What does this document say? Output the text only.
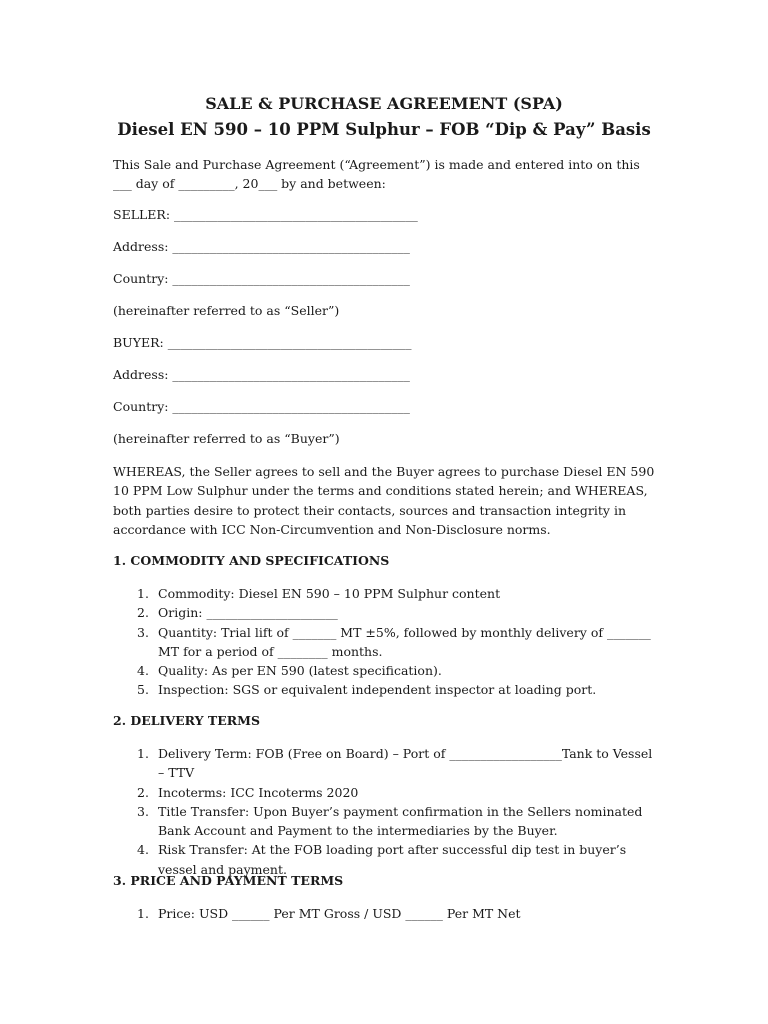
SALE & PURCHASE AGREEMENT (SPA)
Diesel EN 590 – 10 PPM Sulphur – FOB “Dip & Pay” Basis

This Sale and Purchase Agreement (“Agreement”) is made and entered into on this ___ day of _________, 20___ by and between:

SELLER: _______________________________________

Address: ______________________________________

Country: ______________________________________

(hereinafter referred to as “Seller”)

BUYER: _______________________________________

Address: ______________________________________

Country: ______________________________________

(hereinafter referred to as “Buyer”)

WHEREAS, the Seller agrees to sell and the Buyer agrees to purchase Diesel EN 590 10 PPM Low Sulphur under the terms and conditions stated herein; and WHEREAS, both parties desire to protect their contacts, sources and transaction integrity in accordance with ICC Non-Circumvention and Non-Disclosure norms.

1. COMMODITY AND SPECIFICATIONS

1. Commodity: Diesel EN 590 – 10 PPM Sulphur content
2. Origin: _____________________
3. Quantity: Trial lift of _______ MT ±5%, followed by monthly delivery of _______ MT for a period of ________ months.
4. Quality: As per EN 590 (latest specification).
5. Inspection: SGS or equivalent independent inspector at loading port.

2. DELIVERY TERMS

1. Delivery Term: FOB (Free on Board) – Port of __________________Tank to Vessel – TTV
2. Incoterms: ICC Incoterms 2020
3. Title Transfer: Upon Buyer’s payment confirmation in the Sellers nominated Bank Account and Payment to the intermediaries by the Buyer.
4. Risk Transfer: At the FOB loading port after successful dip test in buyer’s vessel and payment.

3. PRICE AND PAYMENT TERMS

1. Price: USD ______ Per MT Gross / USD ______ Per MT Net
